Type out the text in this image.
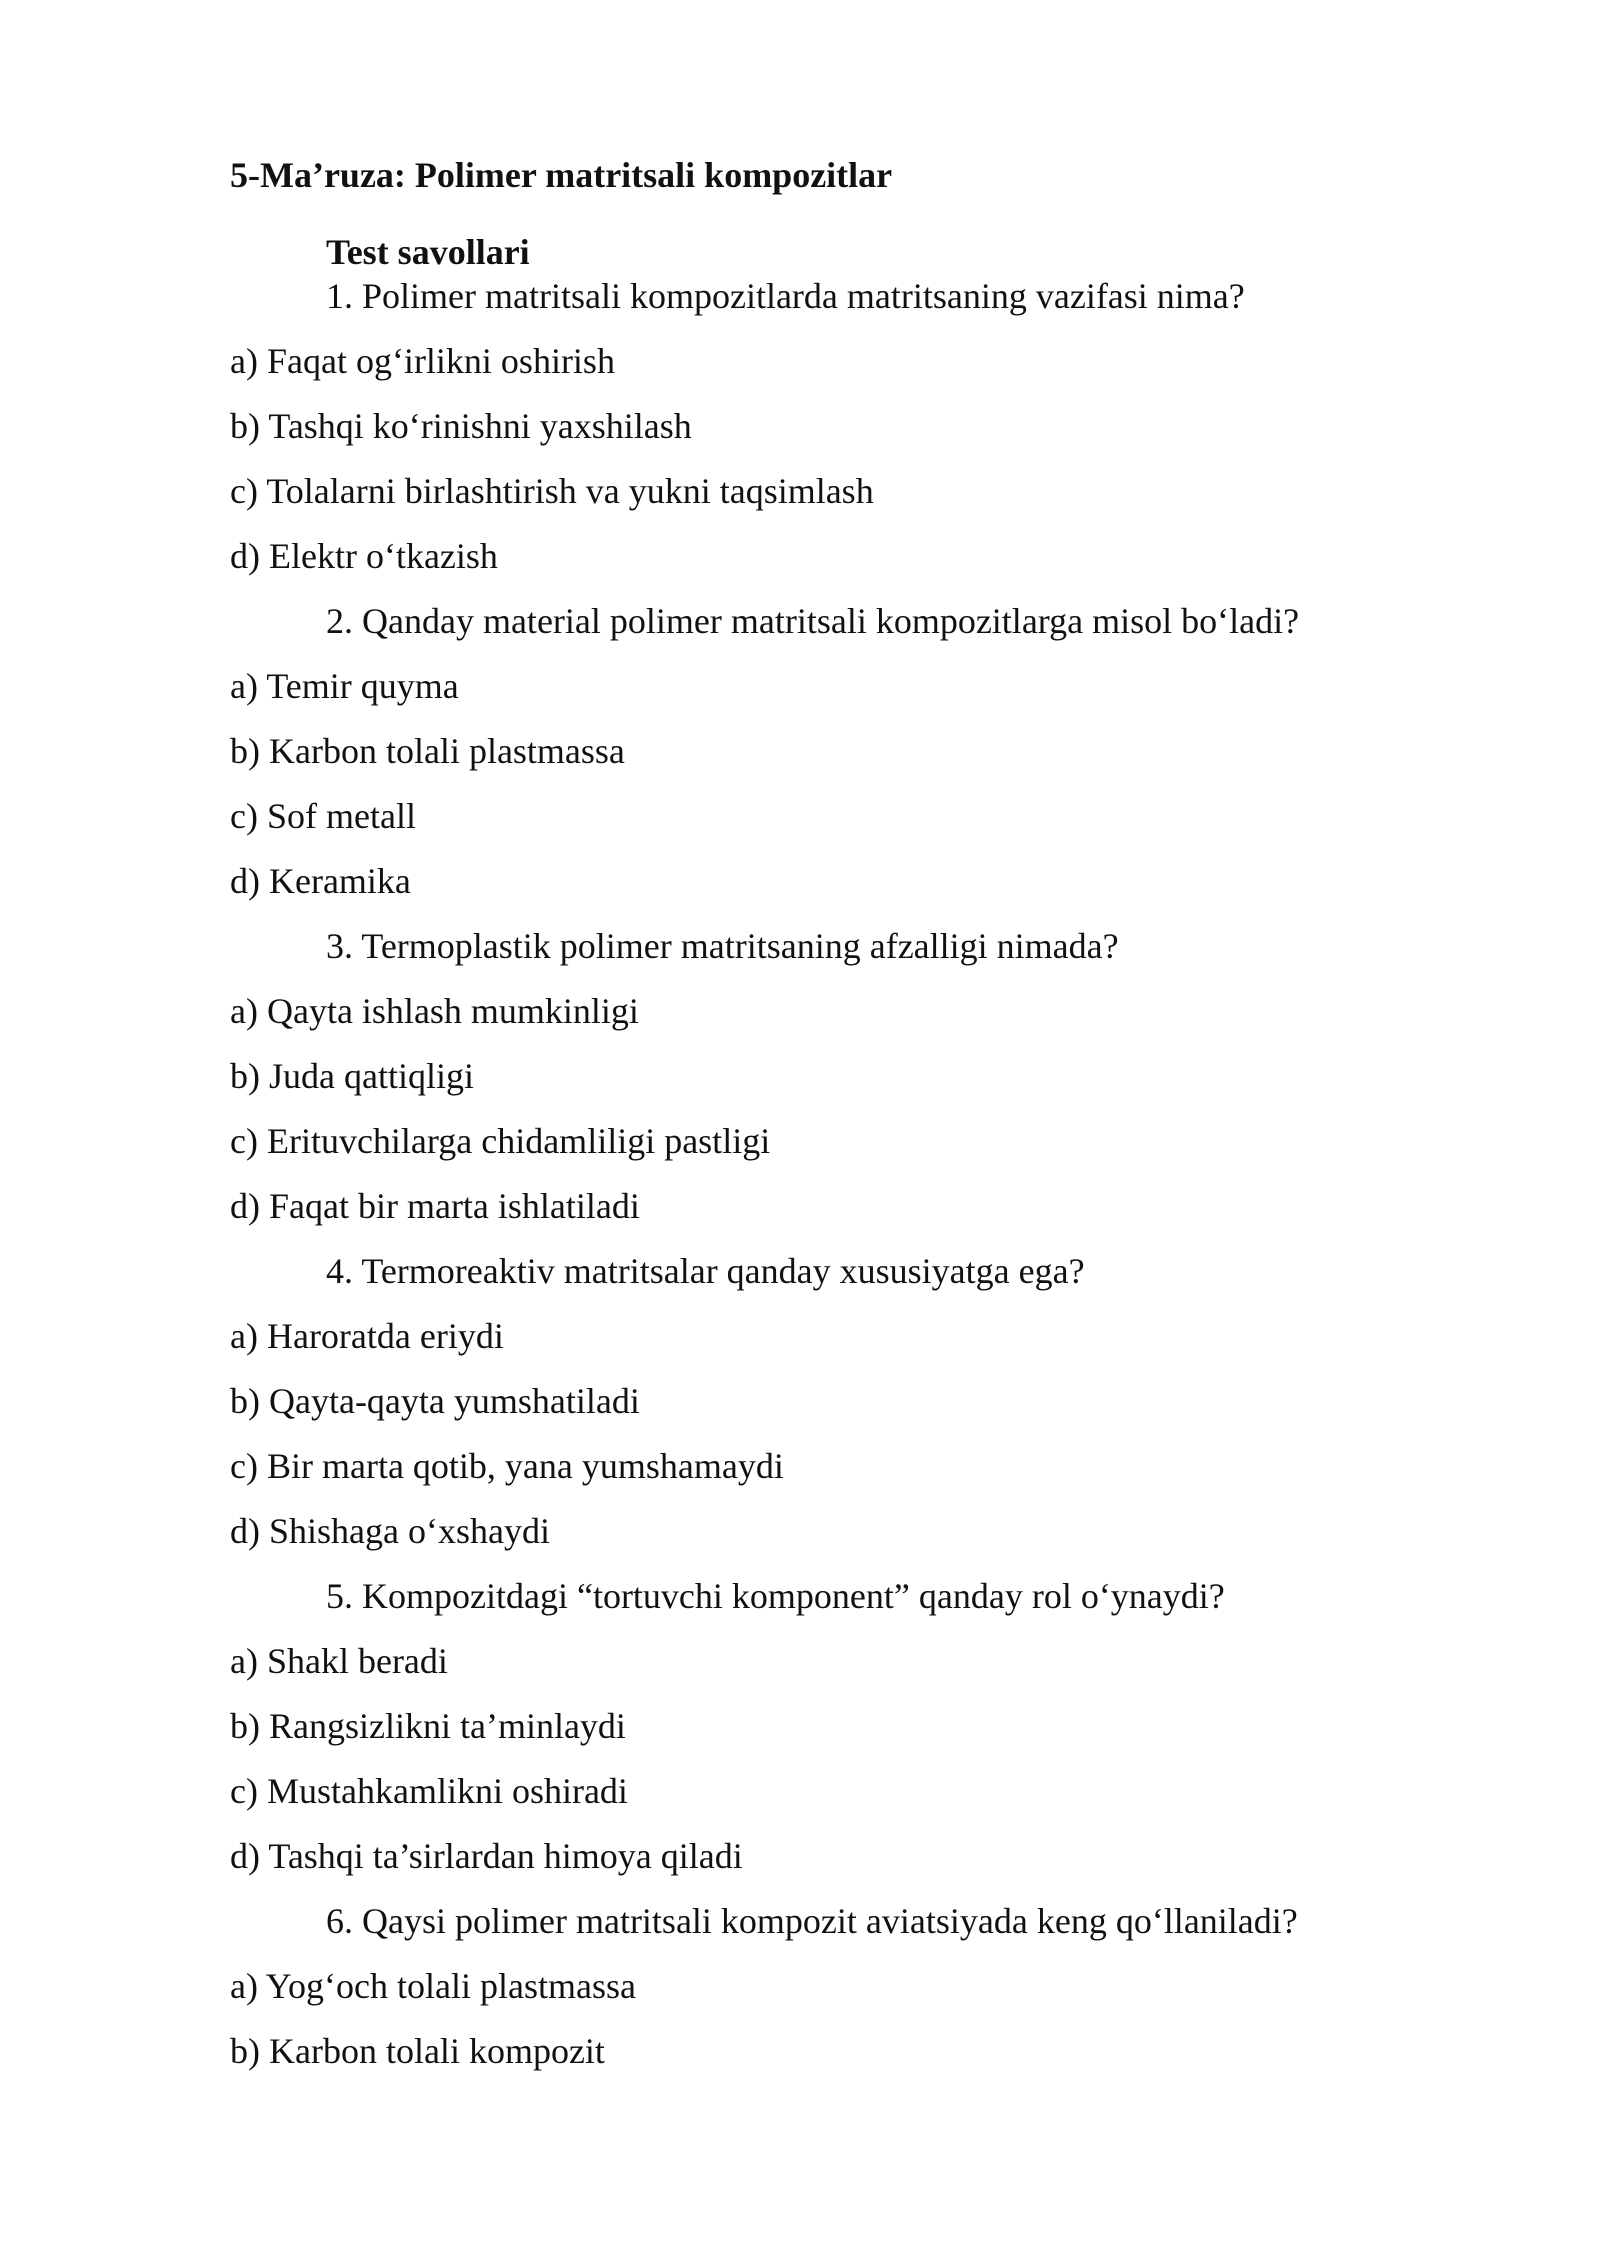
5-Ma’ruza: Polimer matritsali kompozitlar
Test savollari
1. Polimer matritsali kompozitlarda matritsaning vazifasi nima?
a) Faqat og‘irlikni oshirish
b) Tashqi ko‘rinishni yaxshilash
c) Tolalarni birlashtirish va yukni taqsimlash
d) Elektr o‘tkazish
2. Qanday material polimer matritsali kompozitlarga misol bo‘ladi?
a) Temir quyma
b) Karbon tolali plastmassa
c) Sof metall
d) Keramika
3. Termoplastik polimer matritsaning afzalligi nimada?
a) Qayta ishlash mumkinligi
b) Juda qattiqligi
c) Erituvchilarga chidamliligi pastligi
d) Faqat bir marta ishlatiladi
4. Termoreaktiv matritsalar qanday xususiyatga ega?
a) Haroratda eriydi
b) Qayta-qayta yumshatiladi
c) Bir marta qotib, yana yumshamaydi
d) Shishaga o‘xshaydi
5. Kompozitdagi “tortuvchi komponent” qanday rol o‘ynaydi?
a) Shakl beradi
b) Rangsizlikni ta’minlaydi
c) Mustahkamlikni oshiradi
d) Tashqi ta’sirlardan himoya qiladi
6. Qaysi polimer matritsali kompozit aviatsiyada keng qo‘llaniladi?
a) Yog‘och tolali plastmassa
b) Karbon tolali kompozit
